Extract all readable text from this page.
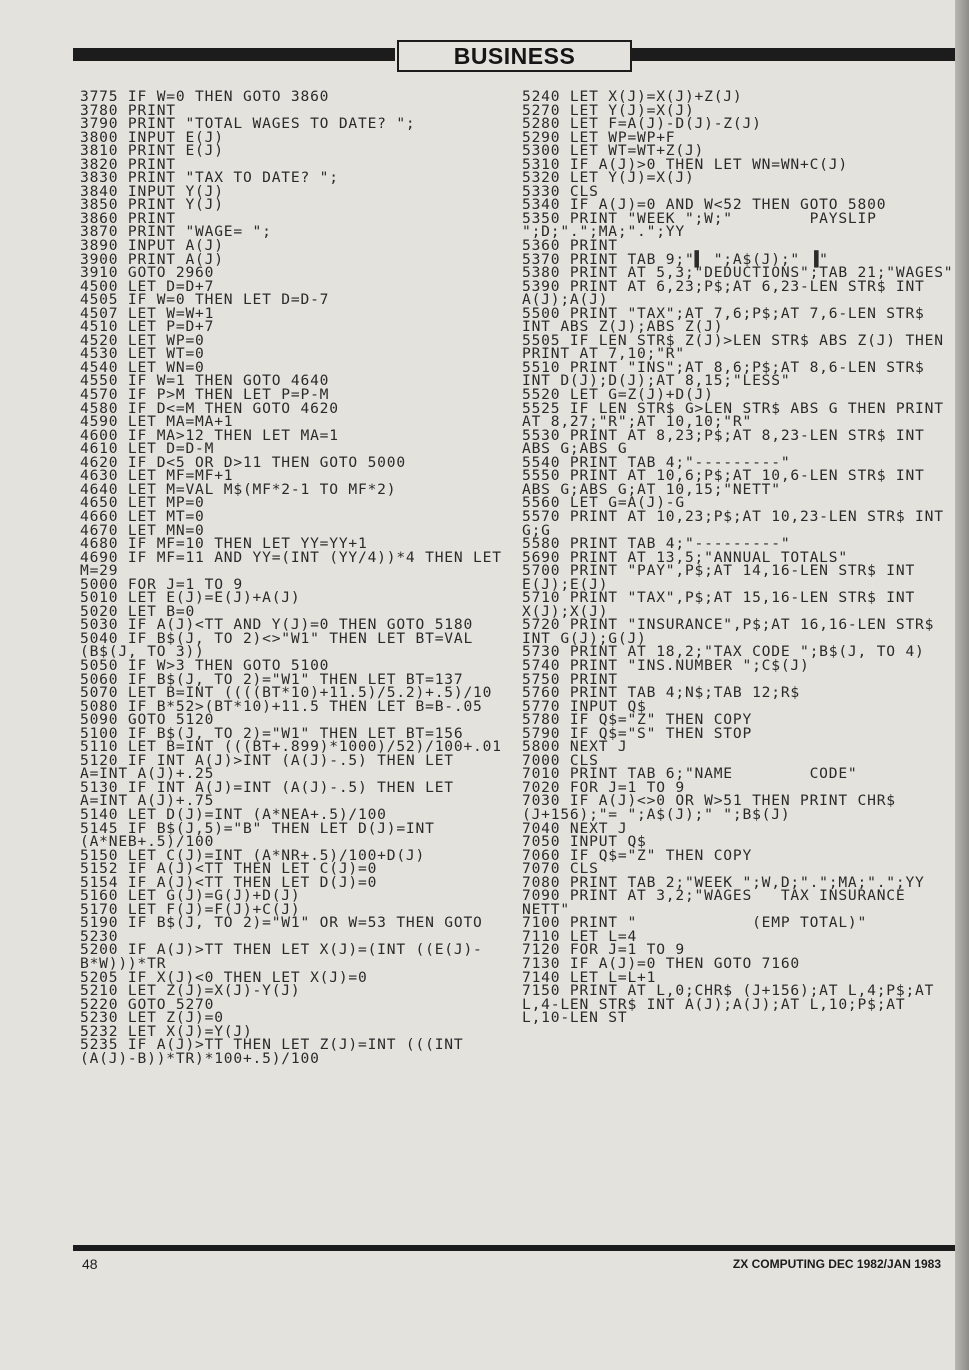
BUSINESS
3775 IF W=0 THEN GOTO 3860
3780 PRINT
3790 PRINT "TOTAL WAGES TO DATE? ";
3800 INPUT E(J)
3810 PRINT E(J)
3820 PRINT
3830 PRINT "TAX TO DATE? ";
3840 INPUT Y(J)
3850 PRINT Y(J)
3860 PRINT
3870 PRINT "WAGE= ";
3890 INPUT A(J)
3900 PRINT A(J)
3910 GOTO 2960
4500 LET D=D+7
4505 IF W=0 THEN LET D=D-7
4507 LET W=W+1
4510 LET P=D+7
4520 LET WP=0
4530 LET WT=0
4540 LET WN=0
4550 IF W=1 THEN GOTO 4640
4570 IF P>M THEN LET P=P-M
4580 IF D<=M THEN GOTO 4620
4590 LET MA=MA+1
4600 IF MA>12 THEN LET MA=1
4610 LET D=D-M
4620 IF D<5 OR D>11 THEN GOTO 5000
4630 LET MF=MF+1
4640 LET M=VAL M$(MF*2-1 TO MF*2)
4650 LET MP=0
4660 LET MT=0
4670 LET MN=0
4680 IF MF=10 THEN LET YY=YY+1
4690 IF MF=11 AND YY=(INT (YY/4))*4 THEN LET M=29
5000 FOR J=1 TO 9
5010 LET E(J)=E(J)+A(J)
5020 LET B=0
5030 IF A(J)<TT AND Y(J)=0 THEN GOTO 5180
5040 IF B$(J, TO 2)<>"W1" THEN LET BT=VAL (B$(J, TO 3))
5050 IF W>3 THEN GOTO 5100
5060 IF B$(J, TO 2)="W1" THEN LET BT=137
5070 LET B=INT ((((BT*10)+11.5)/5.2)+.5)/10
5080 IF B*52>(BT*10)+11.5 THEN LET B=B-.05
5090 GOTO 5120
5100 IF B$(J, TO 2)="W1" THEN LET BT=156
5110 LET B=INT (((BT+.899)*1000)/52)/100+.01
5120 IF INT A(J)>INT (A(J)-.5) THEN LET A=INT A(J)+.25
5130 IF INT A(J)=INT (A(J)-.5) THEN LET A=INT A(J)+.75
5140 LET D(J)=INT (A*NEA+.5)/100
5145 IF B$(J,5)="B" THEN LET D(J)=INT (A*NEB+.5)/100
5150 LET C(J)=INT (A*NR+.5)/100+D(J)
5152 IF A(J)<TT THEN LET C(J)=0
5154 IF A(J)<TT THEN LET D(J)=0
5160 LET G(J)=G(J)+D(J)
5170 LET F(J)=F(J)+C(J)
5190 IF B$(J, TO 2)="W1" OR W=53 THEN GOTO 5230
5200 IF A(J)>TT THEN LET X(J)=(INT ((E(J)-B*W)))*TR
5205 IF X(J)<0 THEN LET X(J)=0
5210 LET Z(J)=X(J)-Y(J)
5220 GOTO 5270
5230 LET Z(J)=0
5232 LET X(J)=Y(J)
5235 IF A(J)>TT THEN LET Z(J)=INT (((INT (A(J)-B))*TR)*100+.5)/100
5240 LET X(J)=X(J)+Z(J)
5270 LET Y(J)=X(J)
5280 LET F=A(J)-D(J)-Z(J)
5290 LET WP=WP+F
5300 LET WT=WT+Z(J)
5310 IF A(J)>0 THEN LET WN=WN+C(J)
5320 LET Y(J)=X(J)
5330 CLS
5340 IF A(J)=0 AND W<52 THEN GOTO 5800
5350 PRINT "WEEK ";W;"        PAYSLIP ";D;".";MA;".";YY
5360 PRINT
5370 PRINT TAB 9;"▌ ";A$(J);" ▐"
5380 PRINT AT 5,3;"DEDUCTIONS";TAB 21;"WAGES"
5390 PRINT AT 6,23;P$;AT 6,23-LEN STR$ INT A(J);A(J)
5500 PRINT "TAX";AT 7,6;P$;AT 7,6-LEN STR$ INT ABS Z(J);ABS Z(J)
5505 IF LEN STR$ Z(J)>LEN STR$ ABS Z(J) THEN PRINT AT 7,10;"R"
5510 PRINT "INS";AT 8,6;P$;AT 8,6-LEN STR$ INT D(J);D(J);AT 8,15;"LESS"
5520 LET G=Z(J)+D(J)
5525 IF LEN STR$ G>LEN STR$ ABS G THEN PRINT AT 8,27;"R";AT 10,10;"R"
5530 PRINT AT 8,23;P$;AT 8,23-LEN STR$ INT ABS G;ABS G
5540 PRINT TAB 4;"---------"
5550 PRINT AT 10,6;P$;AT 10,6-LEN STR$ INT ABS G;ABS G;AT 10,15;"NETT"
5560 LET G=A(J)-G
5570 PRINT AT 10,23;P$;AT 10,23-LEN STR$ INT G;G
5580 PRINT TAB 4;"---------"
5690 PRINT AT 13,5;"ANNUAL TOTALS"
5700 PRINT "PAY",P$;AT 14,16-LEN STR$ INT E(J);E(J)
5710 PRINT "TAX",P$;AT 15,16-LEN STR$ INT X(J);X(J)
5720 PRINT "INSURANCE",P$;AT 16,16-LEN STR$ INT G(J);G(J)
5730 PRINT AT 18,2;"TAX CODE ";B$(J, TO 4)
5740 PRINT "INS.NUMBER ";C$(J)
5750 PRINT
5760 PRINT TAB 4;N$;TAB 12;R$
5770 INPUT Q$
5780 IF Q$="Z" THEN COPY
5790 IF Q$="S" THEN STOP
5800 NEXT J
7000 CLS
7010 PRINT TAB 6;"NAME        CODE"
7020 FOR J=1 TO 9
7030 IF A(J)<>0 OR W>51 THEN PRINT CHR$ (J+156);"= ";A$(J);" ";B$(J)
7040 NEXT J
7050 INPUT Q$
7060 IF Q$="Z" THEN COPY
7070 CLS
7080 PRINT TAB 2;"WEEK ";W,D;".";MA;".";YY
7090 PRINT AT 3,2;"WAGES   TAX INSURANCE   NETT"
7100 PRINT "            (EMP TOTAL)"
7110 LET L=4
7120 FOR J=1 TO 9
7130 IF A(J)=0 THEN GOTO 7160
7140 LET L=L+1
7150 PRINT AT L,0;CHR$ (J+156);AT L,4;P$;AT L,4-LEN STR$ INT A(J);A(J);AT L,10;P$;AT L,10-LEN ST
48	ZX COMPUTING DEC 1982/JAN 1983
